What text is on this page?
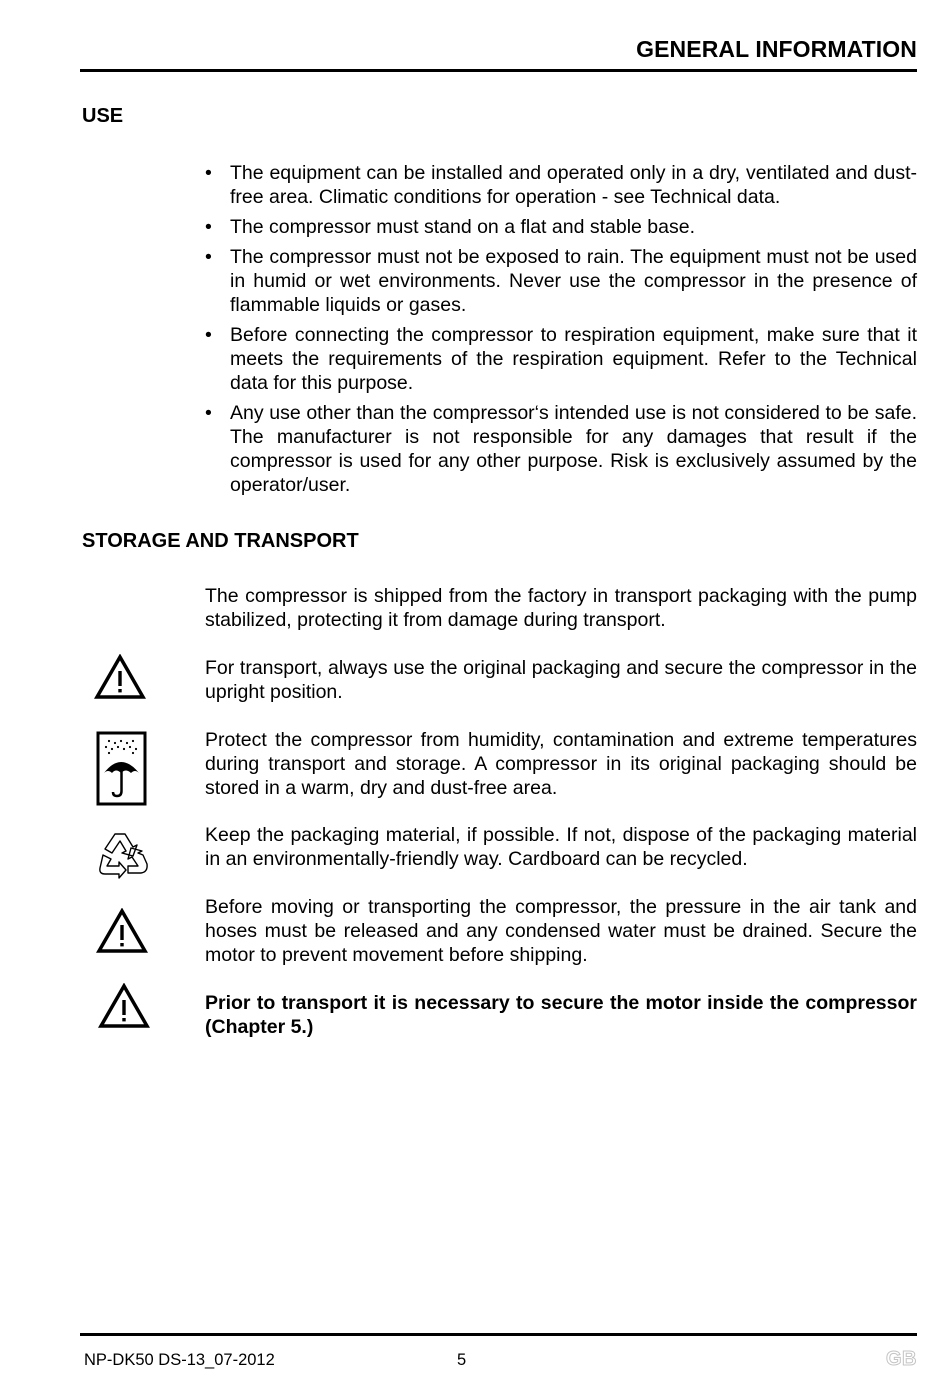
GENERAL INFORMATION
USE
• The equipment can be installed and operated only in a dry, ventilated and dust-free area. Climatic conditions for operation - see Technical data.
• The compressor must stand on a flat and stable base.
• The compressor must not be exposed to rain. The equipment must not be used in humid or wet environments. Never use the compressor in the presence of flammable liquids or gases.
• Before connecting the compressor to respiration equipment, make sure that it meets the requirements of the respiration equipment. Refer to the Technical data for this purpose.
• Any use other than the compressor‘s intended use is not considered to be safe. The manufacturer is not responsible for any damages that result if the compressor is used for any other purpose. Risk is exclusively assumed by the operator/user.
STORAGE AND TRANSPORT

The compressor is shipped from the factory in transport packaging with the pump stabilized, protecting it from damage during transport.

For transport, always use the original packaging and secure the compressor in the upright position.

Protect the compressor from humidity, contamination and extreme temperatures during transport and storage. A compressor in its original packaging should be stored in a warm, dry and dust-free area.

Keep the packaging material, if possible. If not, dispose of the packaging material in an environmentally-friendly way. Cardboard can be recycled.

Before moving or transporting the compressor, the pressure in the air tank and hoses must be released and any condensed water must be drained. Secure the motor to prevent movement before shipping.

Prior to transport it is necessary to secure the motor inside the compressor (Chapter 5.)

NP-DK50 DS-13_07-2012	5	GB
